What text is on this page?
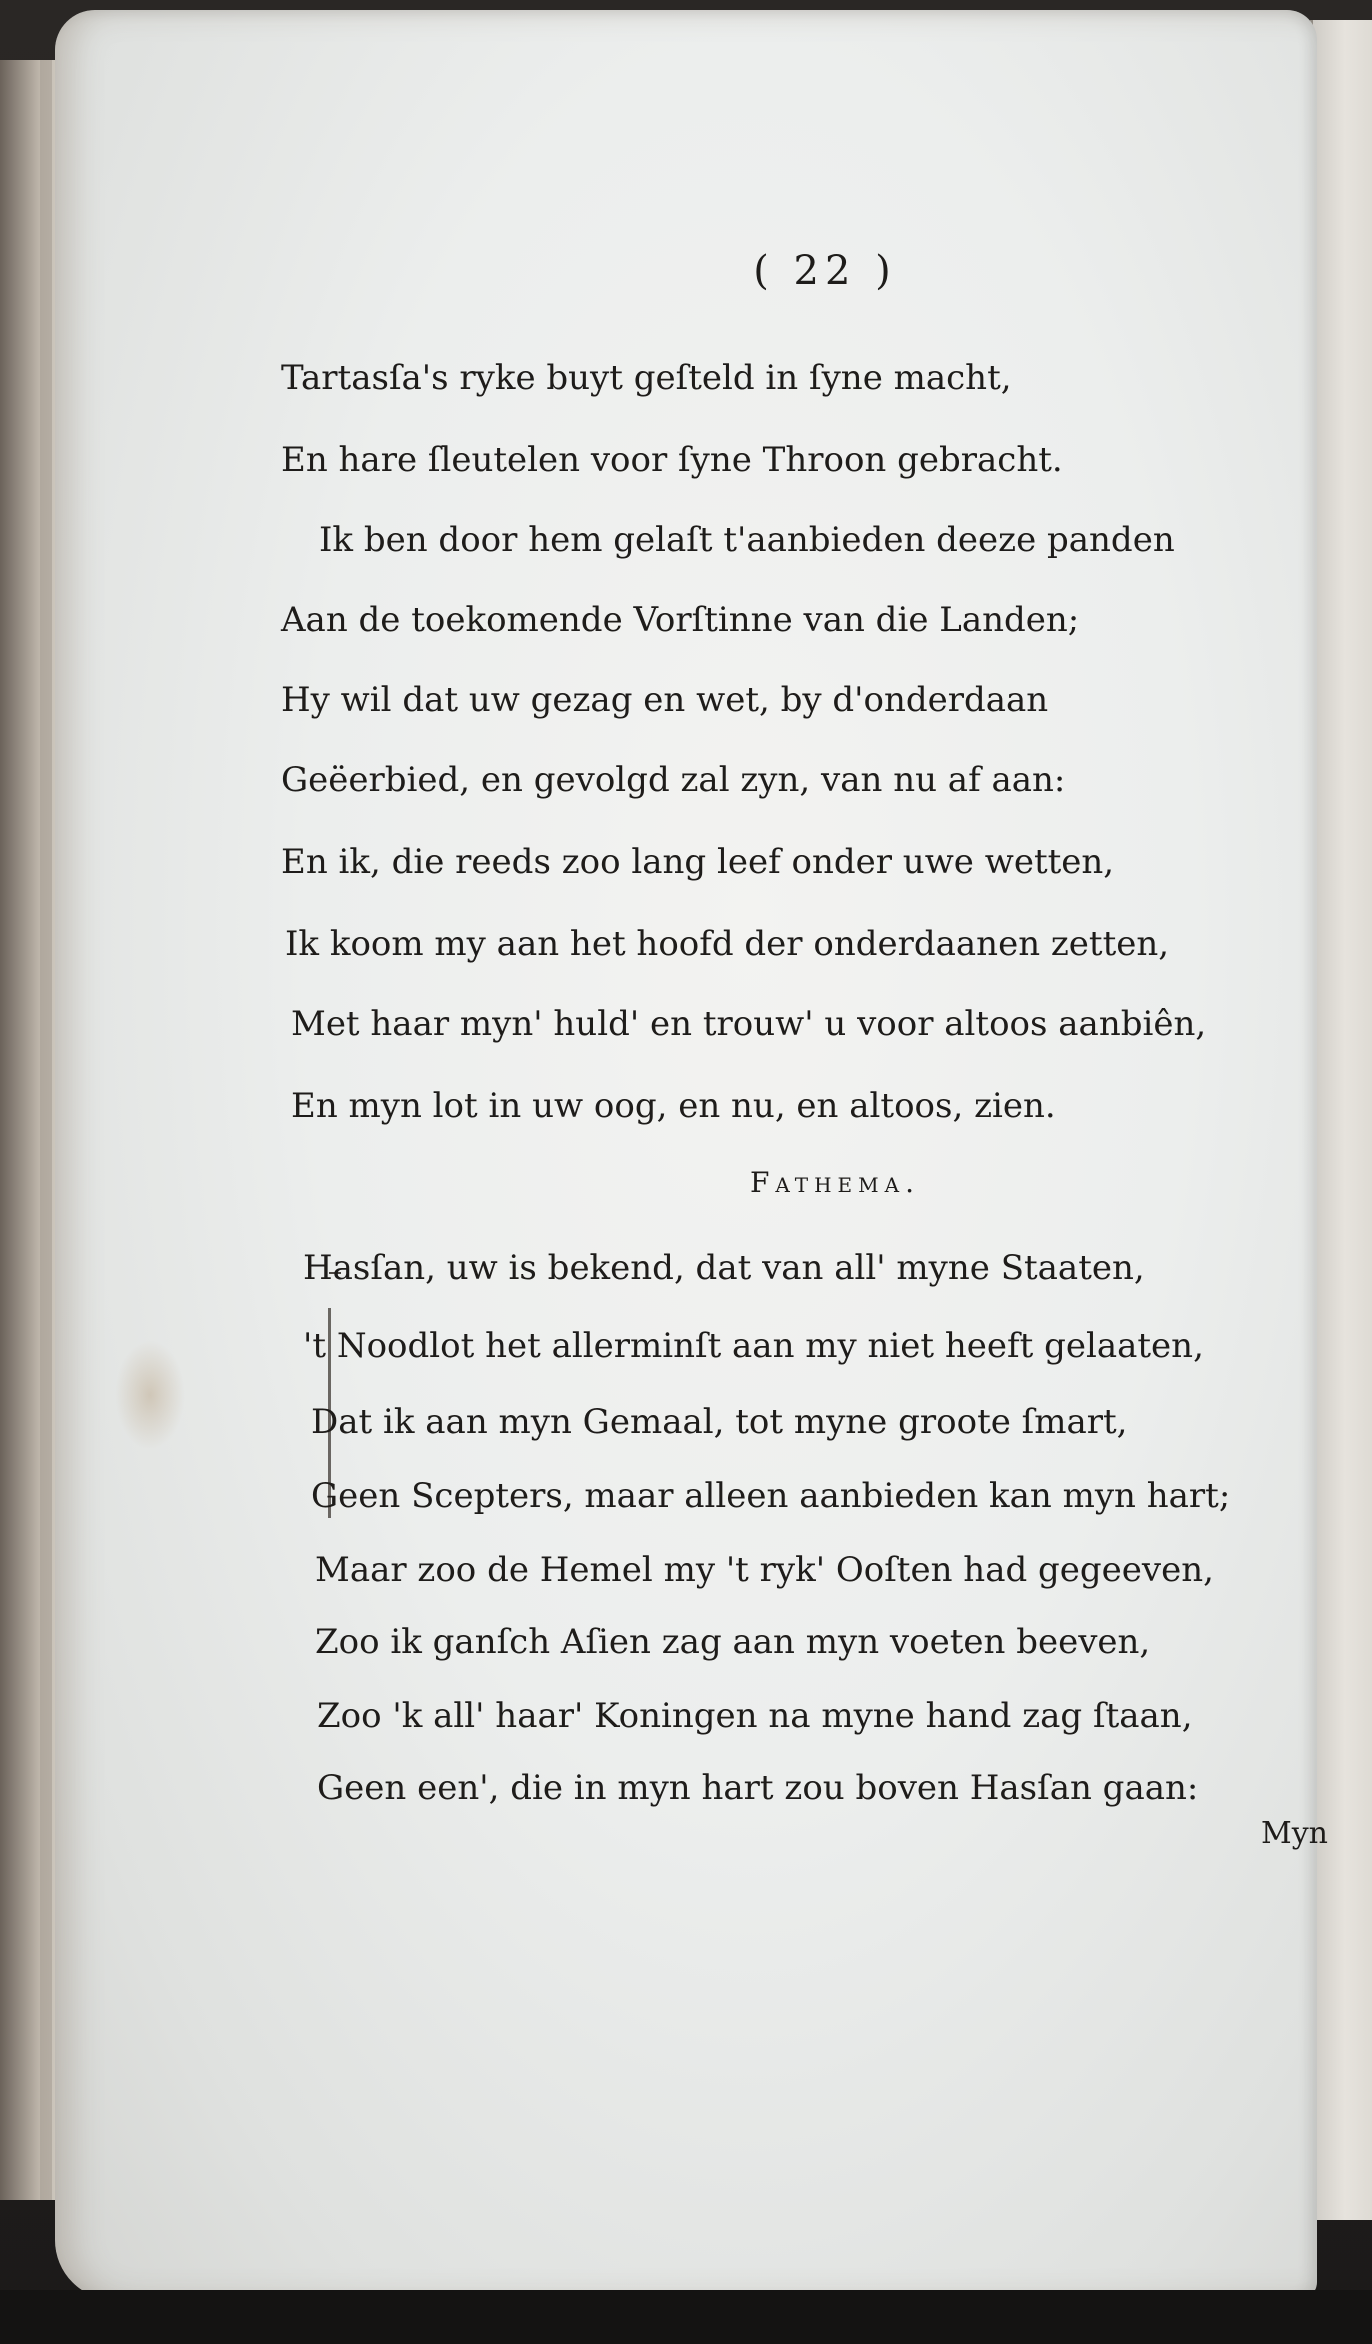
( 22 )
Tartasſa's ryke buyt geſteld in ſyne macht,
En hare ſleutelen voor ſyne Throon gebracht.
Ik ben door hem gelaſt t'aanbieden deeze panden
Aan de toekomende Vorſtinne van die Landen;
Hy wil dat uw gezag en wet, by d'onderdaan
Geëerbied, en gevolgd zal zyn, van nu af aan:
En ik, die reeds zoo lang leef onder uwe wetten,
Ik koom my aan het hoofd der onderdaanen zetten,
Met haar myn' huld' en trouw' u voor altoos aanbiên,
En myn lot in uw oog, en nu, en altoos, zien.
Fathema.
Hasſan, uw is bekend, dat van all' myne Staaten,
't Noodlot het allerminſt aan my niet heeft gelaaten,
Dat ik aan myn Gemaal, tot myne groote ſmart,
Geen Scepters, maar alleen aanbieden kan myn hart;
Maar zoo de Hemel my 't ryk' Ooſten had gegeeven,
Zoo ik ganſch Aſien zag aan myn voeten beeven,
Zoo 'k all' haar' Koningen na myne hand zag ſtaan,
Geen een', die in myn hart zou boven Hasſan gaan:
Myn
